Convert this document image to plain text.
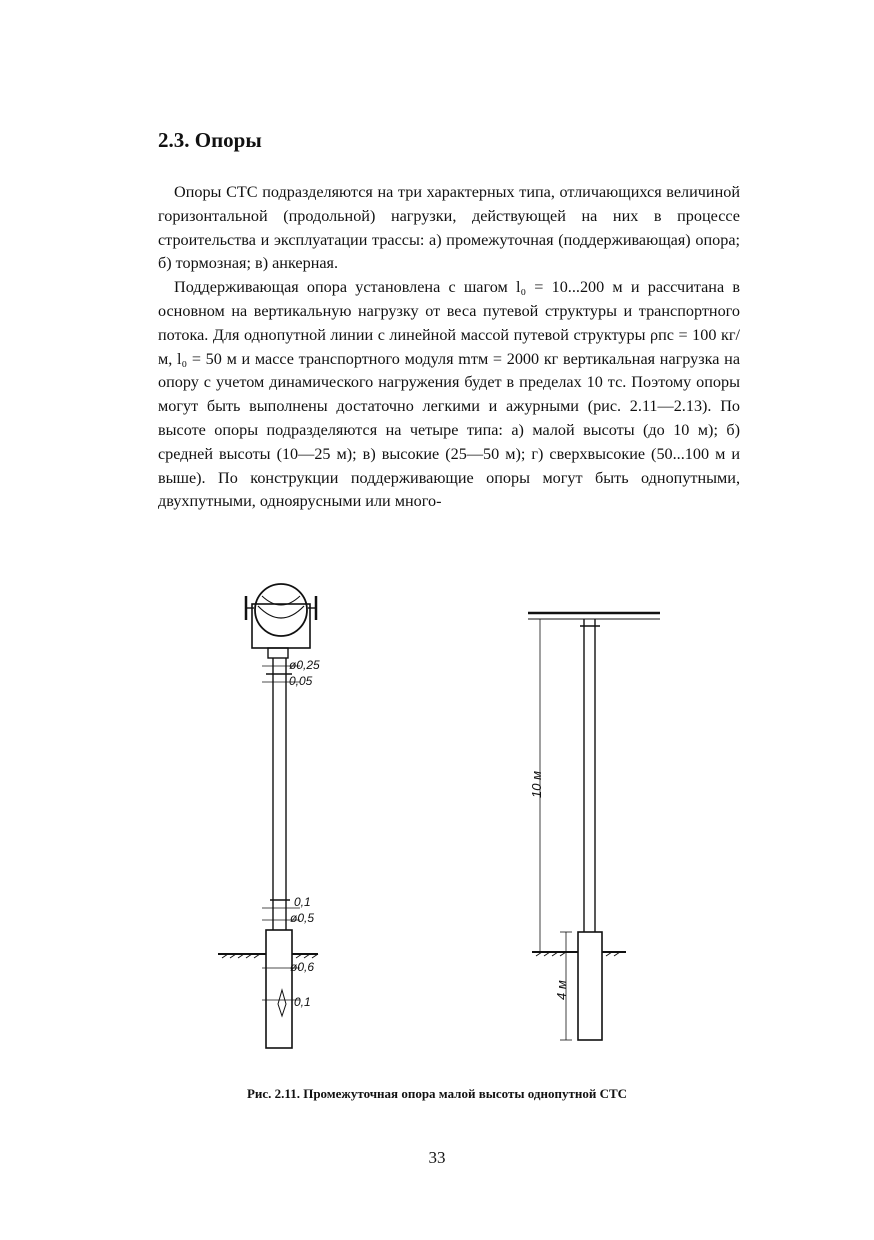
2.3. Опоры

Опоры СТС подразделяются на три характерных типа, отличающихся величиной горизонтальной (продольной) нагрузки, действующей на них в процессе строительства и эксплуатации трассы: а) промежуточная (поддерживающая) опора; б) тормозная; в) анкерная.

Поддерживающая опора установлена с шагом l₀ = 10...200 м и рассчитана в основном на вертикальную нагрузку от веса путевой структуры и транспортного потока. Для однопутной линии с линейной массой путевой структуры ρпс = 100 кг/м, l₀ = 50 м и массе транспортного модуля mтм = 2000 кг вертикальная нагрузка на опору с учетом динамического нагружения будет в пределах 10 тс. Поэтому опоры могут быть выполнены достаточно легкими и ажурными (рис. 2.11—2.13). По высоте опоры подразделяются на четыре типа: а) малой высоты (до 10 м); б) средней высоты (10—25 м); в) высокие (25—50 м); г) сверхвысокие (50...100 м и выше). По конструкции поддерживающие опоры могут быть однопутными, двухпутными, одноярусными или много-

ø0,25
0,05
0,1
ø0,5
ø0,6
0,1
10 м
4 м
Рис. 2.11. Промежуточная опора малой высоты однопутной СТС
33
